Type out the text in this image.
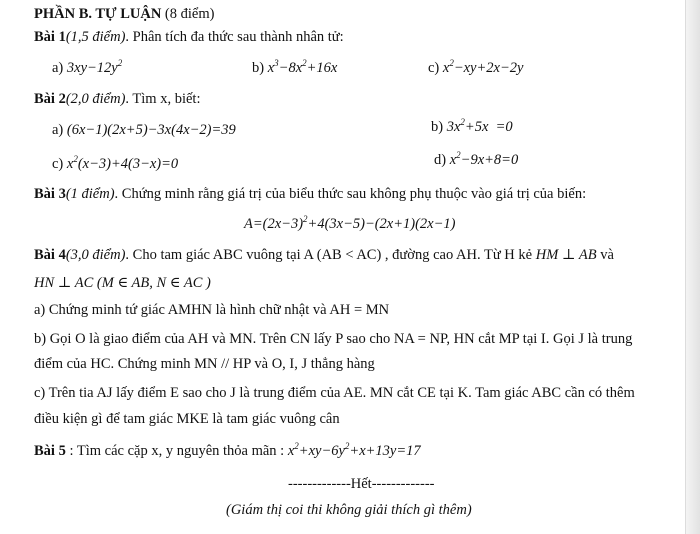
PHẦN B. TỰ LUẬN (8 điểm)
Bài 1(1,5 điểm). Phân tích đa thức sau thành nhân tử:
a) $3xy-12y^2$	b) $x^3-8x^2+16x$	c) $x^2-xy+2x-2y$
Bài 2(2,0 điểm). Tìm x, biết:
a) (6x−1)(2x+5)−3x(4x−2)=39	b) $3x^2+5x =0$
c) $x^2(x-3)+4(3-x)=0$	d) $x^2-9x+8=0$
Bài 3(1 điểm). Chứng minh rằng giá trị của biểu thức sau không phụ thuộc vào giá trị của biến:
$A=(2x-3)^2+4(3x-5)-(2x+1)(2x-1)$
Bài 4(3,0 điểm). Cho tam giác ABC vuông tại A (AB < AC) , đường cao AH. Từ H kẻ HM ⊥ AB và
HN ⊥ AC (M ∈ AB, N ∈ AC )
a) Chứng minh tứ giác AMHN là hình chữ nhật và AH = MN
b) Gọi O là giao điểm của AH và MN. Trên CN lấy P sao cho NA = NP, HN cắt MP tại I. Gọi J là trung
điểm của HC. Chứng minh MN // HP và O, I, J thẳng hàng
c) Trên tia AJ lấy điểm E sao cho J là trung điểm của AE. MN cắt CE tại K. Tam giác ABC cần có thêm
điều kiện gì để tam giác MKE là tam giác vuông cân
Bài 5 : Tìm các cặp x, y nguyên thỏa mãn : $x^2+xy-6y^2+x+13y=17$
-------------Hết-------------
(Giám thị coi thi không giải thích gì thêm)
